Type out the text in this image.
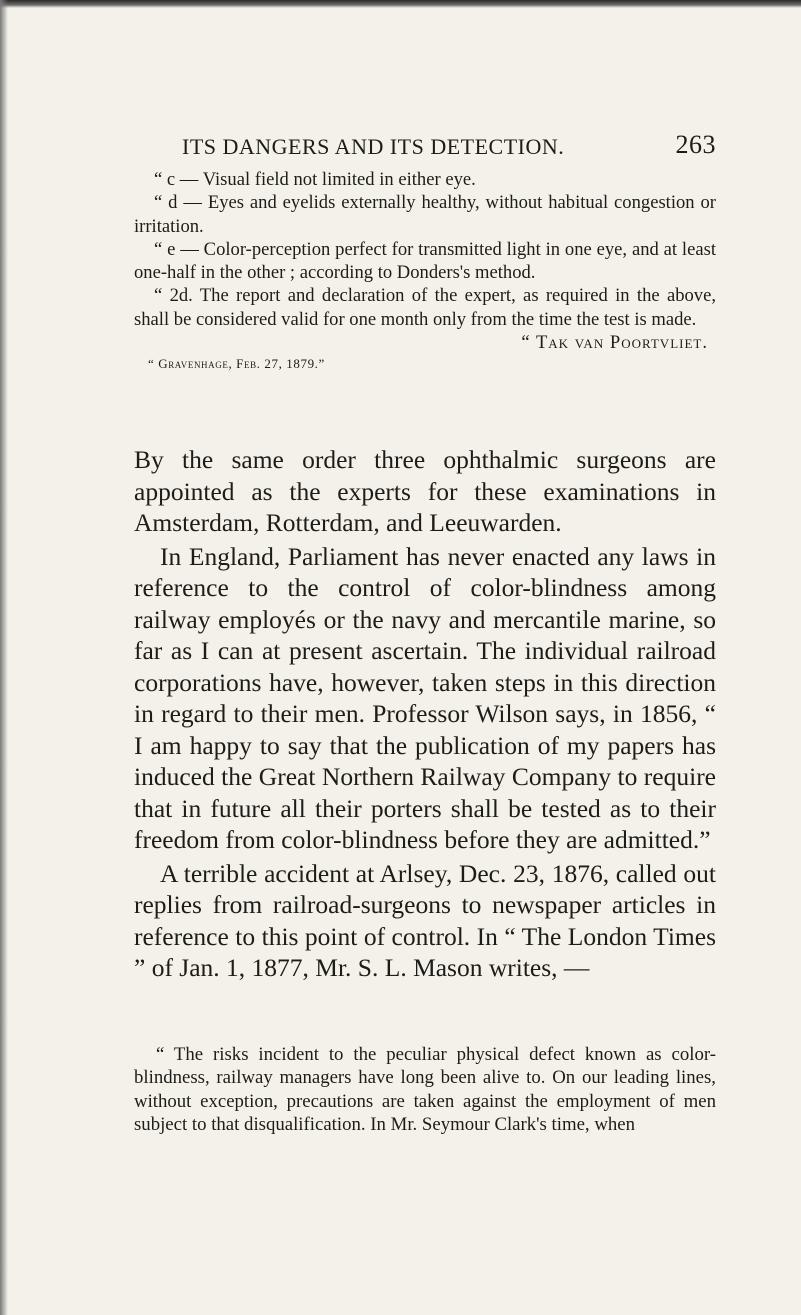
ITS DANGERS AND ITS DETECTION.	263

“ c — Visual field not limited in either eye.

“ d — Eyes and eyelids externally healthy, without habitual congestion or irritation.

“ e — Color-perception perfect for transmitted light in one eye, and at least one-half in the other ; according to Donders's method.

“ 2d. The report and declaration of the expert, as required in the above, shall be considered valid for one month only from the time the test is made.

“ Tak van Poortvliet.

“ Gravenhage, Feb. 27, 1879.”

By the same order three ophthalmic surgeons are appointed as the experts for these examinations in Amsterdam, Rotterdam, and Leeuwarden.

In England, Parliament has never enacted any laws in reference to the control of color-blindness among railway employés or the navy and mercantile marine, so far as I can at present ascertain. The individual railroad corporations have, however, taken steps in this direction in regard to their men. Professor Wilson says, in 1856, “ I am happy to say that the publication of my papers has induced the Great Northern Railway Company to require that in future all their porters shall be tested as to their freedom from color-blindness before they are admitted.”

A terrible accident at Arlsey, Dec. 23, 1876, called out replies from railroad-surgeons to newspaper articles in reference to this point of control. In “ The London Times ” of Jan. 1, 1877, Mr. S. L. Mason writes, —

“ The risks incident to the peculiar physical defect known as color-blindness, railway managers have long been alive to. On our leading lines, without exception, precautions are taken against the employment of men subject to that disqualification. In Mr. Seymour Clark's time, when
